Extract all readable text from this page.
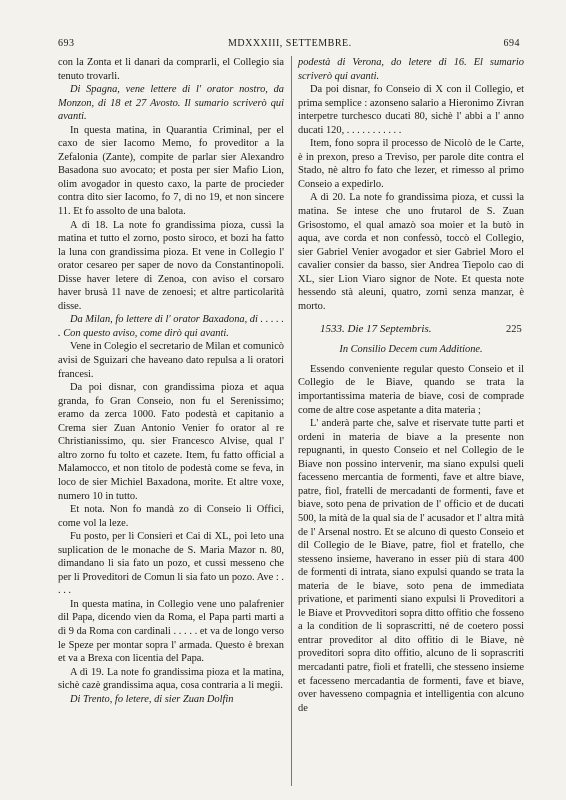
693	MDXXXIII, SETTEMBRE.	694

con la Zonta et li danari da comprarli, el Collegio sia tenuto trovarli.

Di Spagna, vene lettere di l' orator nostro, da Monzon, di 18 et 27 Avosto. Il sumario scriverò qui avanti.

In questa matina, in Quarantia Criminal, per el caxo de sier Iacomo Memo, fo proveditor a la Zefalonia (Zante), compite de parlar sier Alexandro Basadona suo avocato; et posta per sier Mafio Lion, olim avogador in questo caxo, la parte de procieder contra dito sier Iacomo, fo 7, di no 19, et non sincere 11. Et fo assolto de una balota.

A dì 18. La note fo grandissima pioza, cussì la matina et tutto el zorno, posto siroco, et bozi ha fatto la luna con grandissima pioza. Et vene in Collegio l' orator cesareo per saper de novo da Constantinopoli. Disse haver letere di Zenoa, con aviso el corsaro haver brusà 11 nave de zenoesi; et altre particolarità disse.

Da Milan, fo lettere di l' orator Baxadona, di . . . . . . Con questo aviso, come dirò qui avanti.

Vene in Colegio el secretario de Milan et comunicò avisi de Sguizari che haveano dato repulsa a li oratori francesi.

Da poi disnar, con grandissima pioza et aqua granda, fo Gran Conseio, non fu el Serenissimo; eramo da zerca 1000. Fato podestà et capitanio a Crema sier Zuan Antonio Venier fo orator al re Christianissimo, qu. sier Francesco Alvise, qual l' altro zorno fu tolto et cazete. Item, fu fatto official a Malamocco, et non titolo de podestà come se feva, in loco de sier Michiel Baxadona, morite. Et altre voxe, numero 10 in tutto.

Et nota. Non fo mandà zo di Conseio li Offici, come vol la leze.

Fu posto, per li Consieri et Cai di XL, poi leto una suplication de le monache de S. Maria Mazor n. 80, dimandano li sia fato un pozo, et cussì messeno che per li Proveditori de Comun li sia fato un pozo. Ave : . . . .

In questa matina, in Collegio vene uno palafrenier dil Papa, dicendo vien da Roma, el Papa parti marti a dì 9 da Roma con cardinali . . . . . et va de longo verso le Speze per montar sopra l' armada. Questo è brexan et va a Brexa con licentia del Papa.

A dì 19. La note fo grandissima pioza et la matina, sichè cazè grandissima aqua, cosa contraria a li megii.

Di Trento, fo letere, di sier Zuan Dolfin

podestà di Verona, do letere di 16. El sumario scriverò qui avanti.

Da poi disnar, fo Conseio di X con il Collegio, et prima semplice : azonseno salario a Hieronimo Zivran interpetre turchesco ducati 80, sichè l' abbi a l' anno ducati 120, . . . . . . . . . . .

Item, fono sopra il processo de Nicolò de le Carte, è in prexon, preso a Treviso, per parole dite contra el Stado, nè altro fo fato che lezer, et rimesso al primo Conseio a expedirlo.

A dì 20. La note fo grandissima pioza, et cussì la matina. Se intese che uno frutarol de S. Zuan Grisostomo, el qual amazò soa moier et la butò in aqua, ave corda et non confessò, toccò el Collegio, sier Gabriel Venier avogador et sier Gabriel Moro el cavalier consier da basso, sier Andrea Tiepolo cao di XL, sier Lion Viaro signor de Note. Et questa note hessendo stà aleuni, quatro, zorni senza manzar, è morto.

1533. Die 17 Septembris.	225
In Consilio Decem cum Additione.

Essendo conveniente regular questo Conseio et il Collegio de le Biave, quando se trata la importantissima materia de biave, cosi de comprade come de altre cose aspetante a dita materia ;

L' anderà parte che, salve et riservate tutte parti et ordeni in materia de biave a la presente non repugnanti, in questo Conseio et nel Collegio de le Biave non possino intervenir, ma siano expulsi queli facesseno mercantia de formenti, fave et altre biave, patre, fiol, fratelli de mercadanti de formenti, fave et biave, soto pena de privation de l' officio et de ducati 500, la mità de la qual sia de l' acusador et l' altra mità de l' Arsenal nostro. Et se alcuno di questo Conseio et dil Collegio de le Biave, patre, fiol et fratello, che stesseno insieme, haverano in esser più di stara 400 de formenti di intrata, siano expulsi quando se trata la materia de le biave, soto pena de immediata privatione, et parimenti siano expulsi li Proveditori a le Biave et Provveditori sopra ditto offitio che fosseno a la condition de li soprascritti, né de coetero possi entrar proveditor al dito offitio di le Biave, nè proveditori sopra dito offitio, alcuno de li soprascriti mercadanti patre, fioli et fratelli, che stesseno insieme et facesseno mercadantia de formenti, fave et biave, over havesseno compagnia et intelligentia con alcuno de
